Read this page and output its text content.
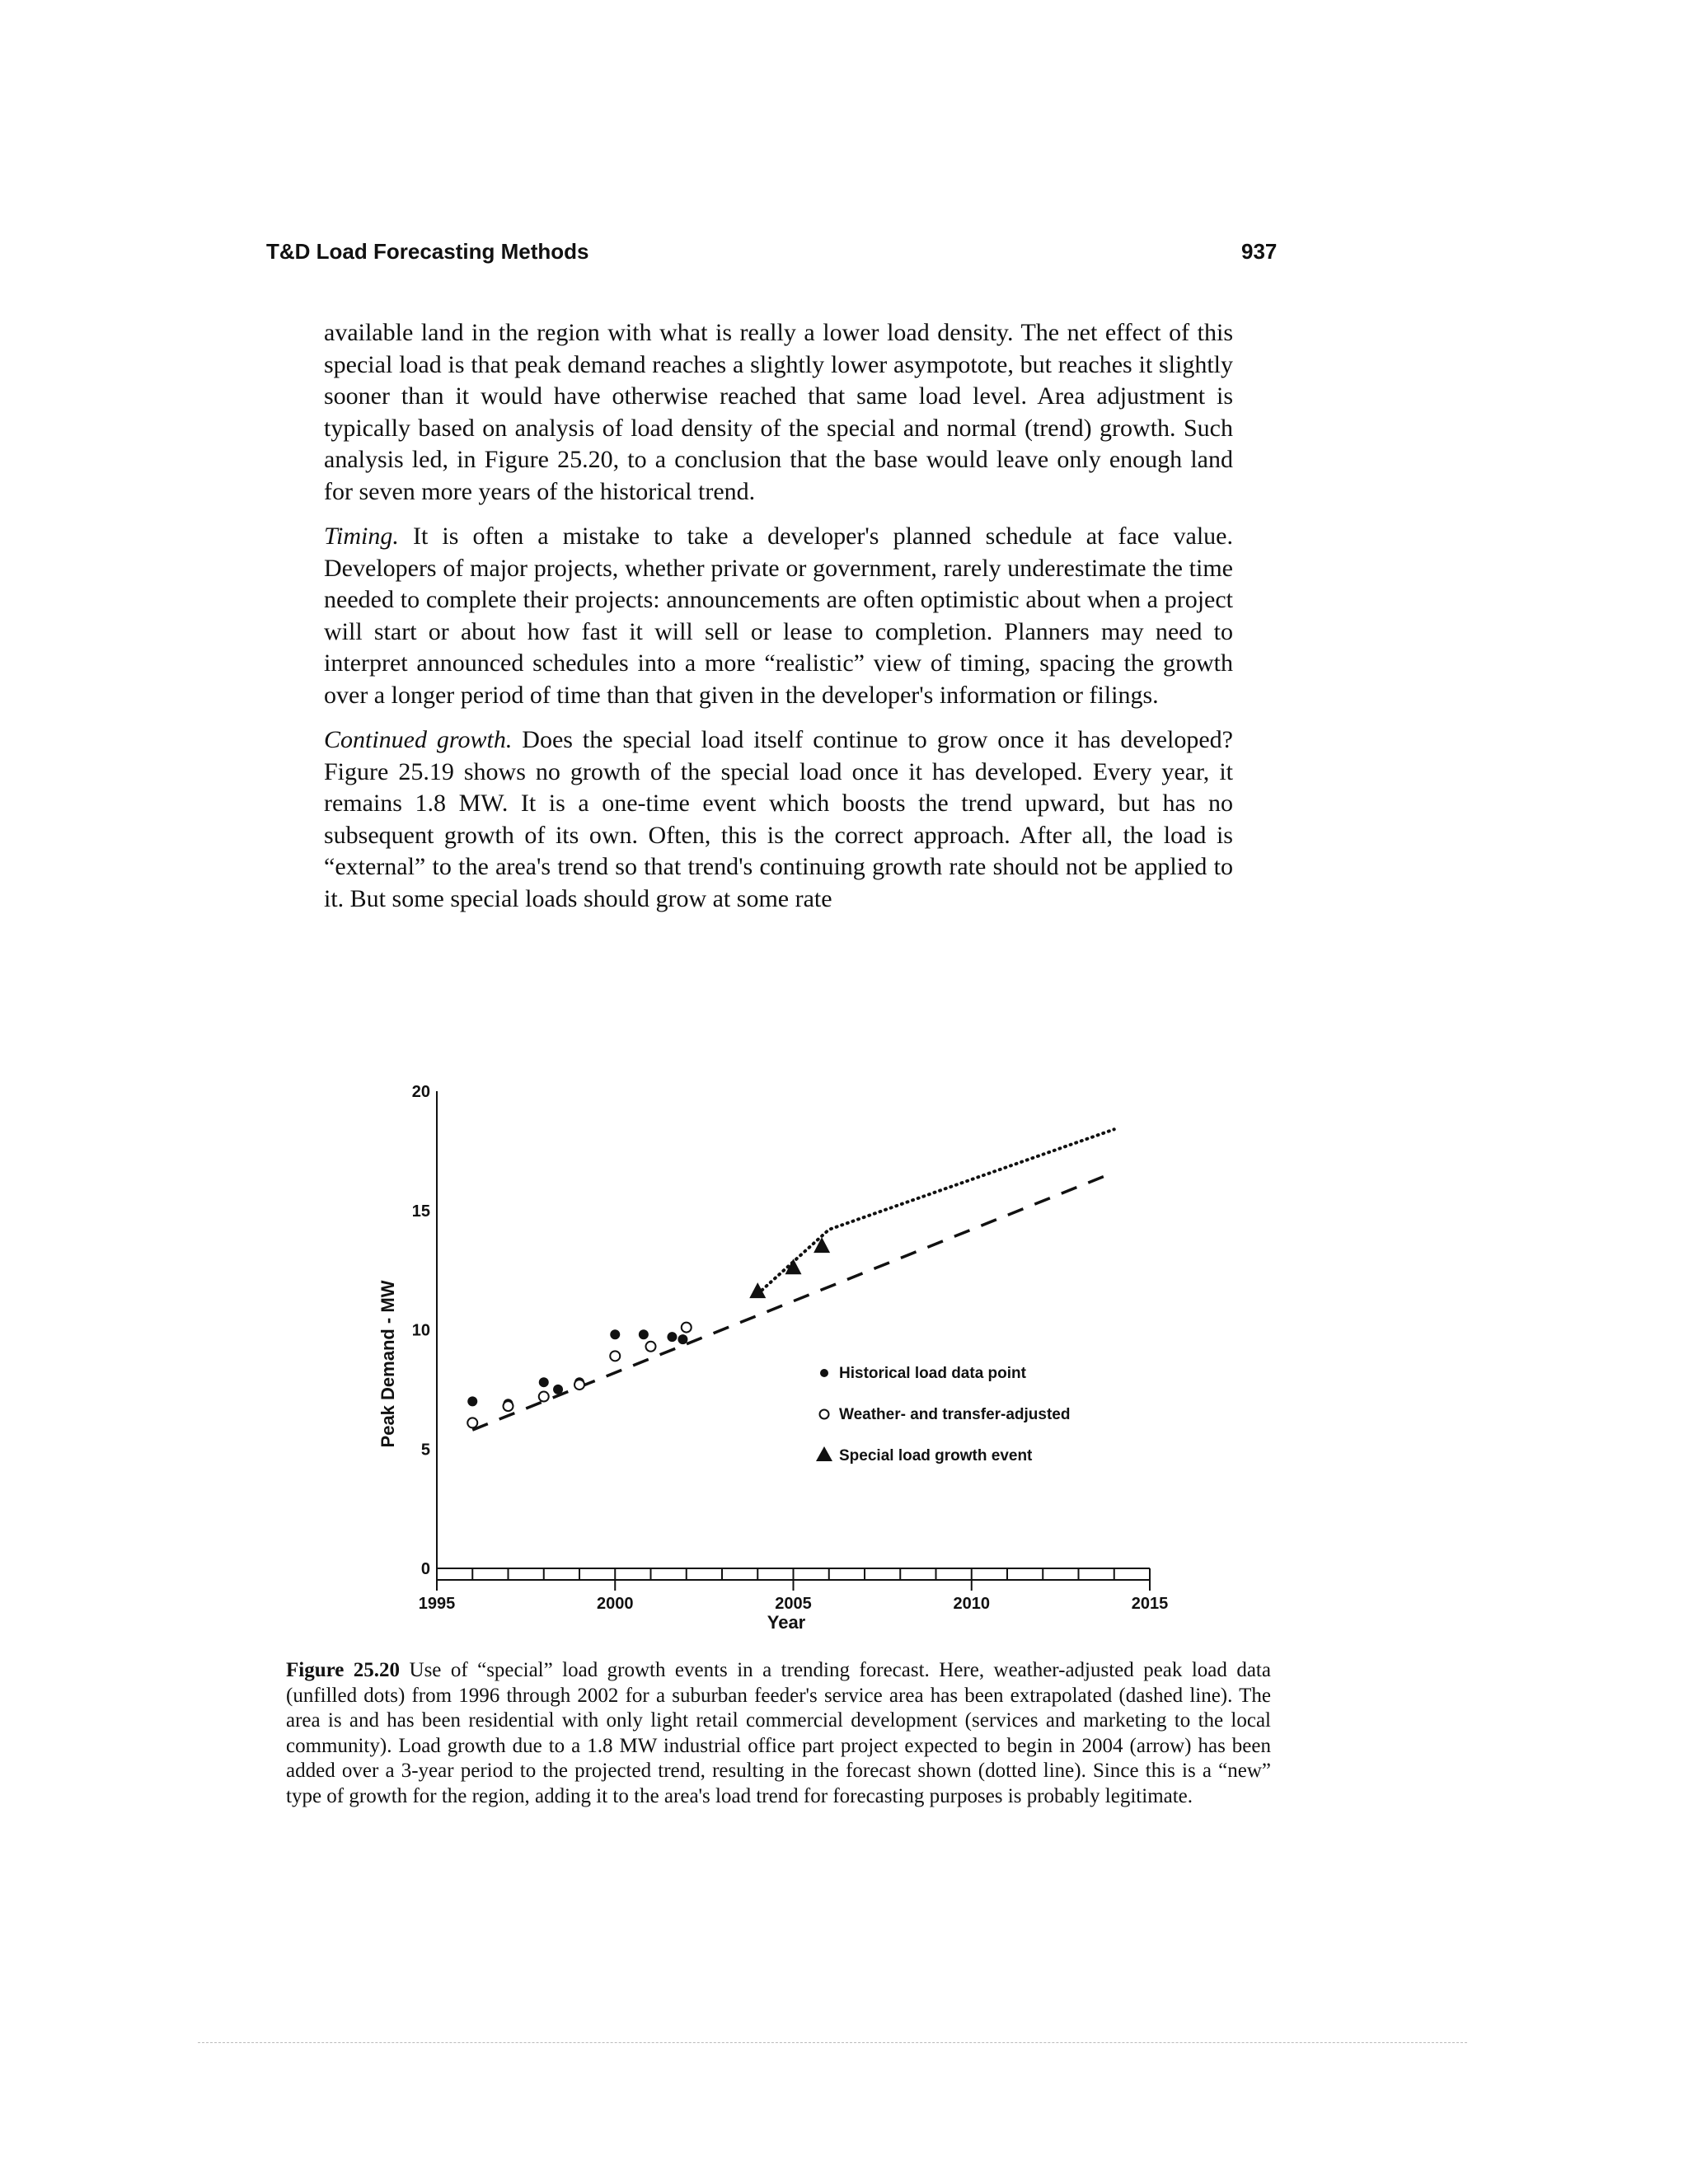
T&D Load Forecasting Methods	937

available land in the region with what is really a lower load density. The net effect of this special load is that peak demand reaches a slightly lower asympotote, but reaches it slightly sooner than it would have otherwise reached that same load level. Area adjustment is typically based on analysis of load density of the special and normal (trend) growth. Such analysis led, in Figure 25.20, to a conclusion that the base would leave only enough land for seven more years of the historical trend.

Timing. It is often a mistake to take a developer's planned schedule at face value. Developers of major projects, whether private or government, rarely underestimate the time needed to complete their projects: announcements are often optimistic about when a project will start or about how fast it will sell or lease to completion. Planners may need to interpret announced schedules into a more “realistic” view of timing, spacing the growth over a longer period of time than that given in the developer's information or filings.

Continued growth. Does the special load itself continue to grow once it has developed? Figure 25.19 shows no growth of the special load once it has developed. Every year, it remains 1.8 MW. It is a one-time event which boosts the trend upward, but has no subsequent growth of its own. Often, this is the correct approach. After all, the load is “external” to the area's trend so that trend's continuing growth rate should not be applied to it. But some special loads should grow at some rate

1995	2000	2005	2010	2015
0
5
10
15
20
Peak Demand - MW
Year
Historical load data point
Weather- and transfer-adjusted
Special load growth event
Figure 25.20 Use of “special” load growth events in a trending forecast. Here, weather-adjusted peak load data (unfilled dots) from 1996 through 2002 for a suburban feeder's service area has been extrapolated (dashed line). The area is and has been residential with only light retail commercial development (services and marketing to the local community). Load growth due to a 1.8 MW industrial office part project expected to begin in 2004 (arrow) has been added over a 3-year period to the projected trend, resulting in the forecast shown (dotted line). Since this is a “new” type of growth for the region, adding it to the area's load trend for forecasting purposes is probably legitimate.
